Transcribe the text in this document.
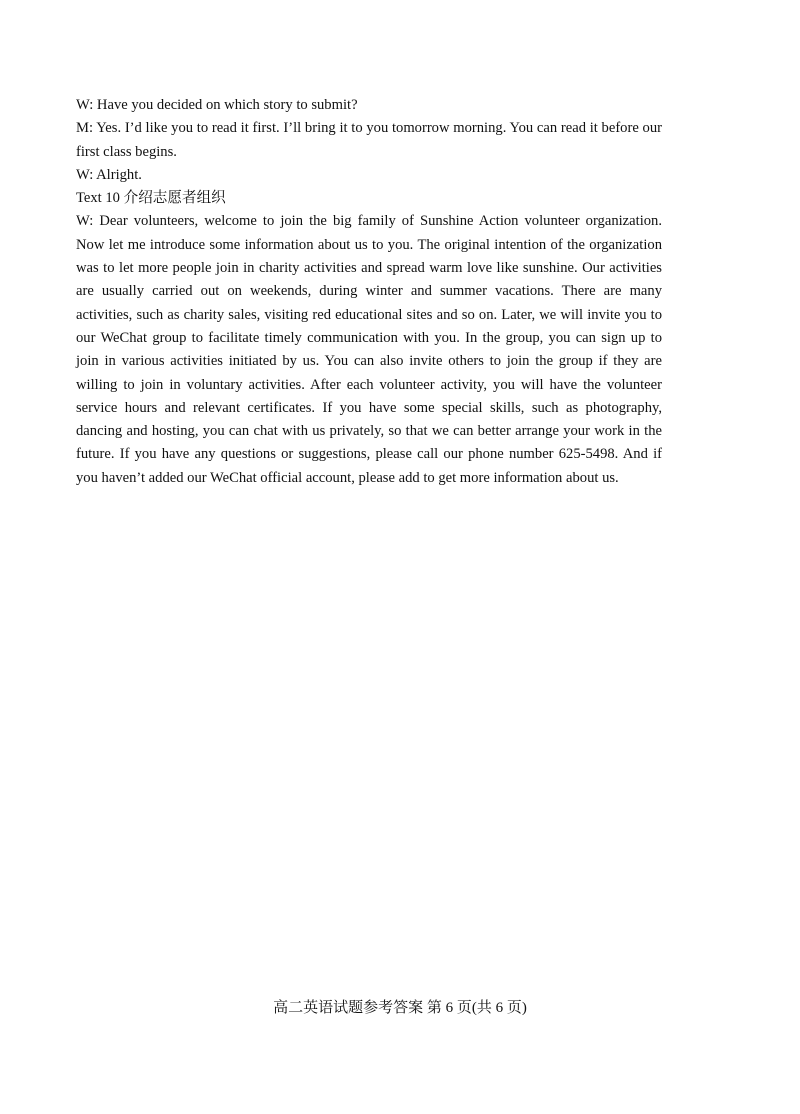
W: Have you decided on which story to submit?
M: Yes. I’d like you to read it first. I’ll bring it to you tomorrow morning. You can read it before our first class begins.
W: Alright.
Text 10 介绍志愿者组织
W: Dear volunteers, welcome to join the big family of Sunshine Action volunteer organization. Now let me introduce some information about us to you. The original intention of the organization was to let more people join in charity activities and spread warm love like sunshine. Our activities are usually carried out on weekends, during winter and summer vacations. There are many activities, such as charity sales, visiting red educational sites and so on. Later, we will invite you to our WeChat group to facilitate timely communication with you. In the group, you can sign up to join in various activities initiated by us. You can also invite others to join the group if they are willing to join in voluntary activities. After each volunteer activity, you will have the volunteer service hours and relevant certificates. If you have some special skills, such as photography, dancing and hosting, you can chat with us privately, so that we can better arrange your work in the future. If you have any questions or suggestions, please call our phone number 625-5498. And if you haven’t added our WeChat official account, please add to get more information about us.
高二英语试题参考答案 第 6 页(共 6 页)
